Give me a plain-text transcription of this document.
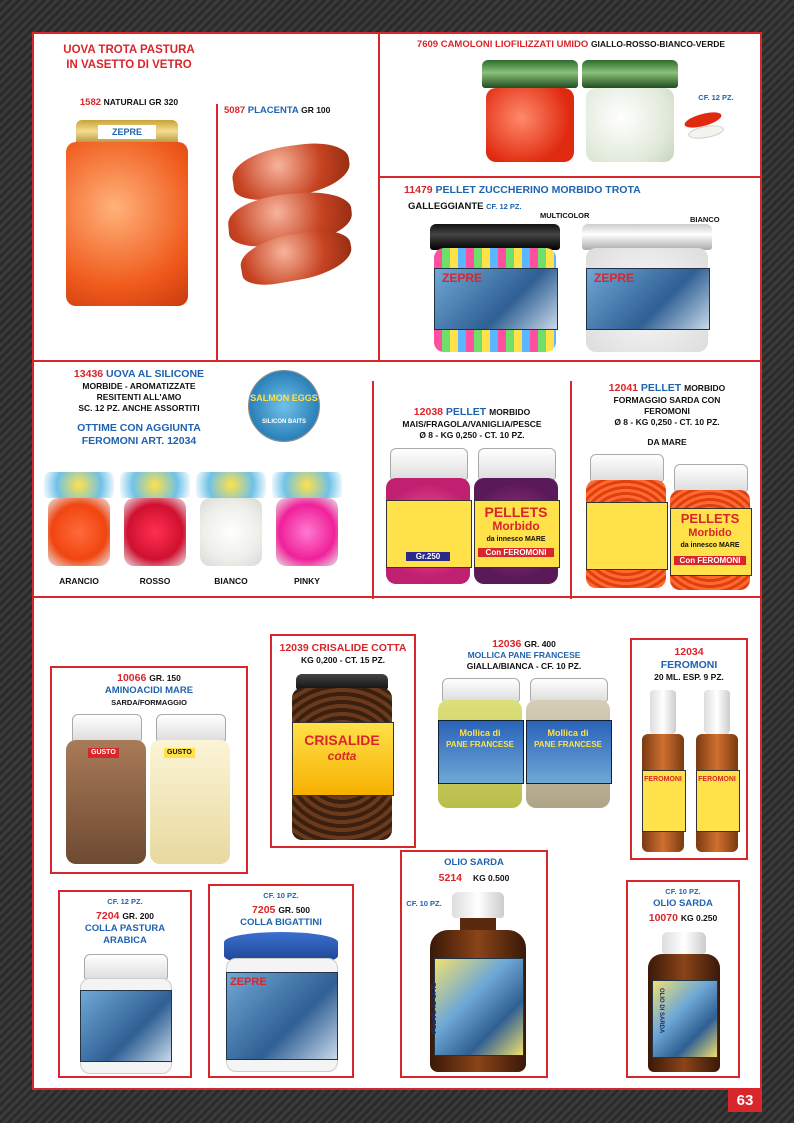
UOVA TROTA PASTURA
IN VASETTO DI VETRO
1582 NATURALI GR 320
ZEPRE
5087 PLACENTA GR 100
7609 CAMOLONI LIOFILIZZATI UMIDO GIALLO-ROSSO-BIANCO-VERDE
CF. 12 PZ.
11479 PELLET ZUCCHERINO MORBIDO TROTA
GALLEGGIANTE CF. 12 PZ.
MULTICOLOR	BIANCO
ZEPRE	ZEPRE
13436 UOVA AL SILICONE
MORBIDE - AROMATIZZATE
RESITENTI ALL'AMO
SC. 12 PZ. ANCHE ASSORTITI
OTTIME CON AGGIUNTA
FEROMONI ART. 12034
SALMON EGGS
SILICON BAITS
ARANCIO	ROSSO	BIANCO	PINKY
12038 PELLET MORBIDO
MAIS/FRAGOLA/VANIGLIA/PESCE
Ø 8 - KG 0,250 - CT. 10 PZ.
Gr.250
PELLETS
Morbido
da innesco MARE
Con FEROMONI
12041 PELLET MORBIDO
FORMAGGIO SARDA CON
FEROMONI
Ø 8 - KG 0,250 - CT. 10 PZ.
DA MARE
PELLETS
Morbido
da innesco MARE
Con FEROMONI
10066 GR. 150
AMINOACIDI MARE
SARDA/FORMAGGIO
GUSTO	GUSTO
12039 CRISALIDE COTTA
KG 0,200 - CT. 15 PZ.
CRISALIDE
cotta
12036 GR. 400
MOLLICA PANE FRANCESE
GIALLA/BIANCA - CF. 10 PZ.
Mollica di
PANE FRANCESE
Mollica di
PANE FRANCESE
12034
FEROMONI
20 ML. ESP. 9 PZ.
FEROMONI	FEROMONI
CF. 12 PZ.
7204 GR. 200
COLLA PASTURA
ARABICA
CF. 10 PZ.
7205 GR. 500
COLLA BIGATTINI
ZEPRE
OLIO SARDA
5214 KG 0.500
CF. 10 PZ.
OLIO DI SARDA
CF. 10 PZ.
OLIO SARDA
10070 KG 0.250
OLIO DI SARDA
63
